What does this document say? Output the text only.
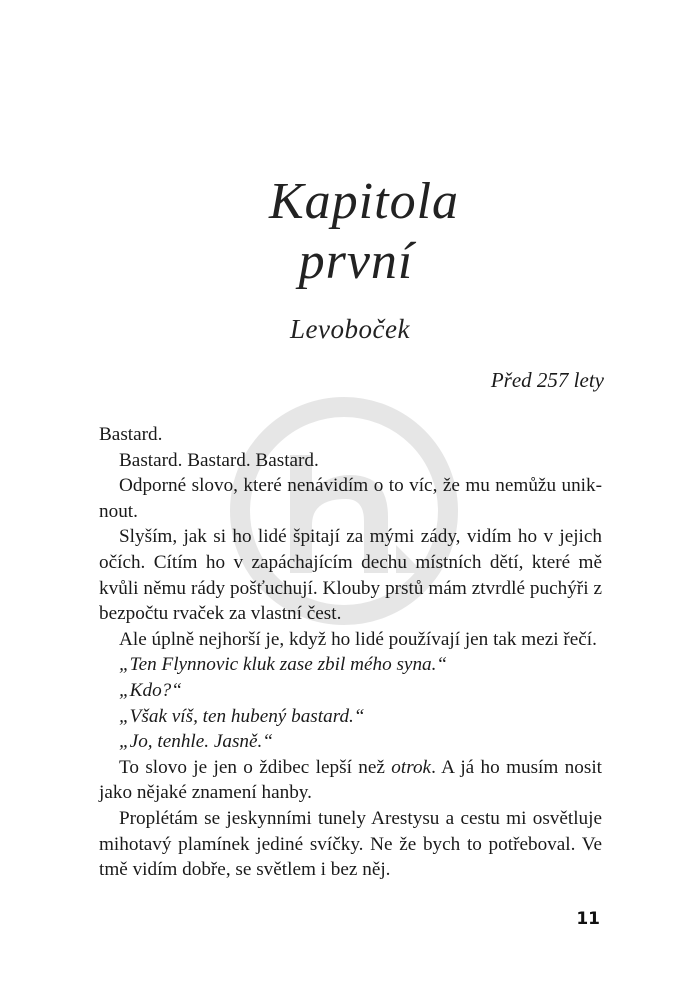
Kapitola
první
Levoboček
Před 257 lety

Bastard.

Bastard. Bastard. Bastard.

Odporné slovo, které nenávidím o to víc, že mu nemůžu uniknout.

Slyším, jak si ho lidé špitají za mými zády, vidím ho v jejich očích. Cítím ho v zapáchajícím dechu místních dětí, které mě kvůli němu rády pošťuchují. Klouby prstů mám ztvrdlé puchýři z bezpočtu rvaček za vlastní čest.

Ale úplně nejhorší je, když ho lidé používají jen tak mezi řečí.

„Ten Flynnovic kluk zase zbil mého syna.“

„Kdo?“

„Však víš, ten hubený bastard.“

„Jo, tenhle. Jasně.“

To slovo je jen o ždibec lepší než otrok. A já ho musím nosit jako nějaké znamení hanby.

Proplétám se jeskynními tunely Arestysu a cestu mi osvětluje mihotavý plamínek jediné svíčky. Ne že bych to potřeboval. Ve tmě vidím dobře, se světlem i bez něj.

11
